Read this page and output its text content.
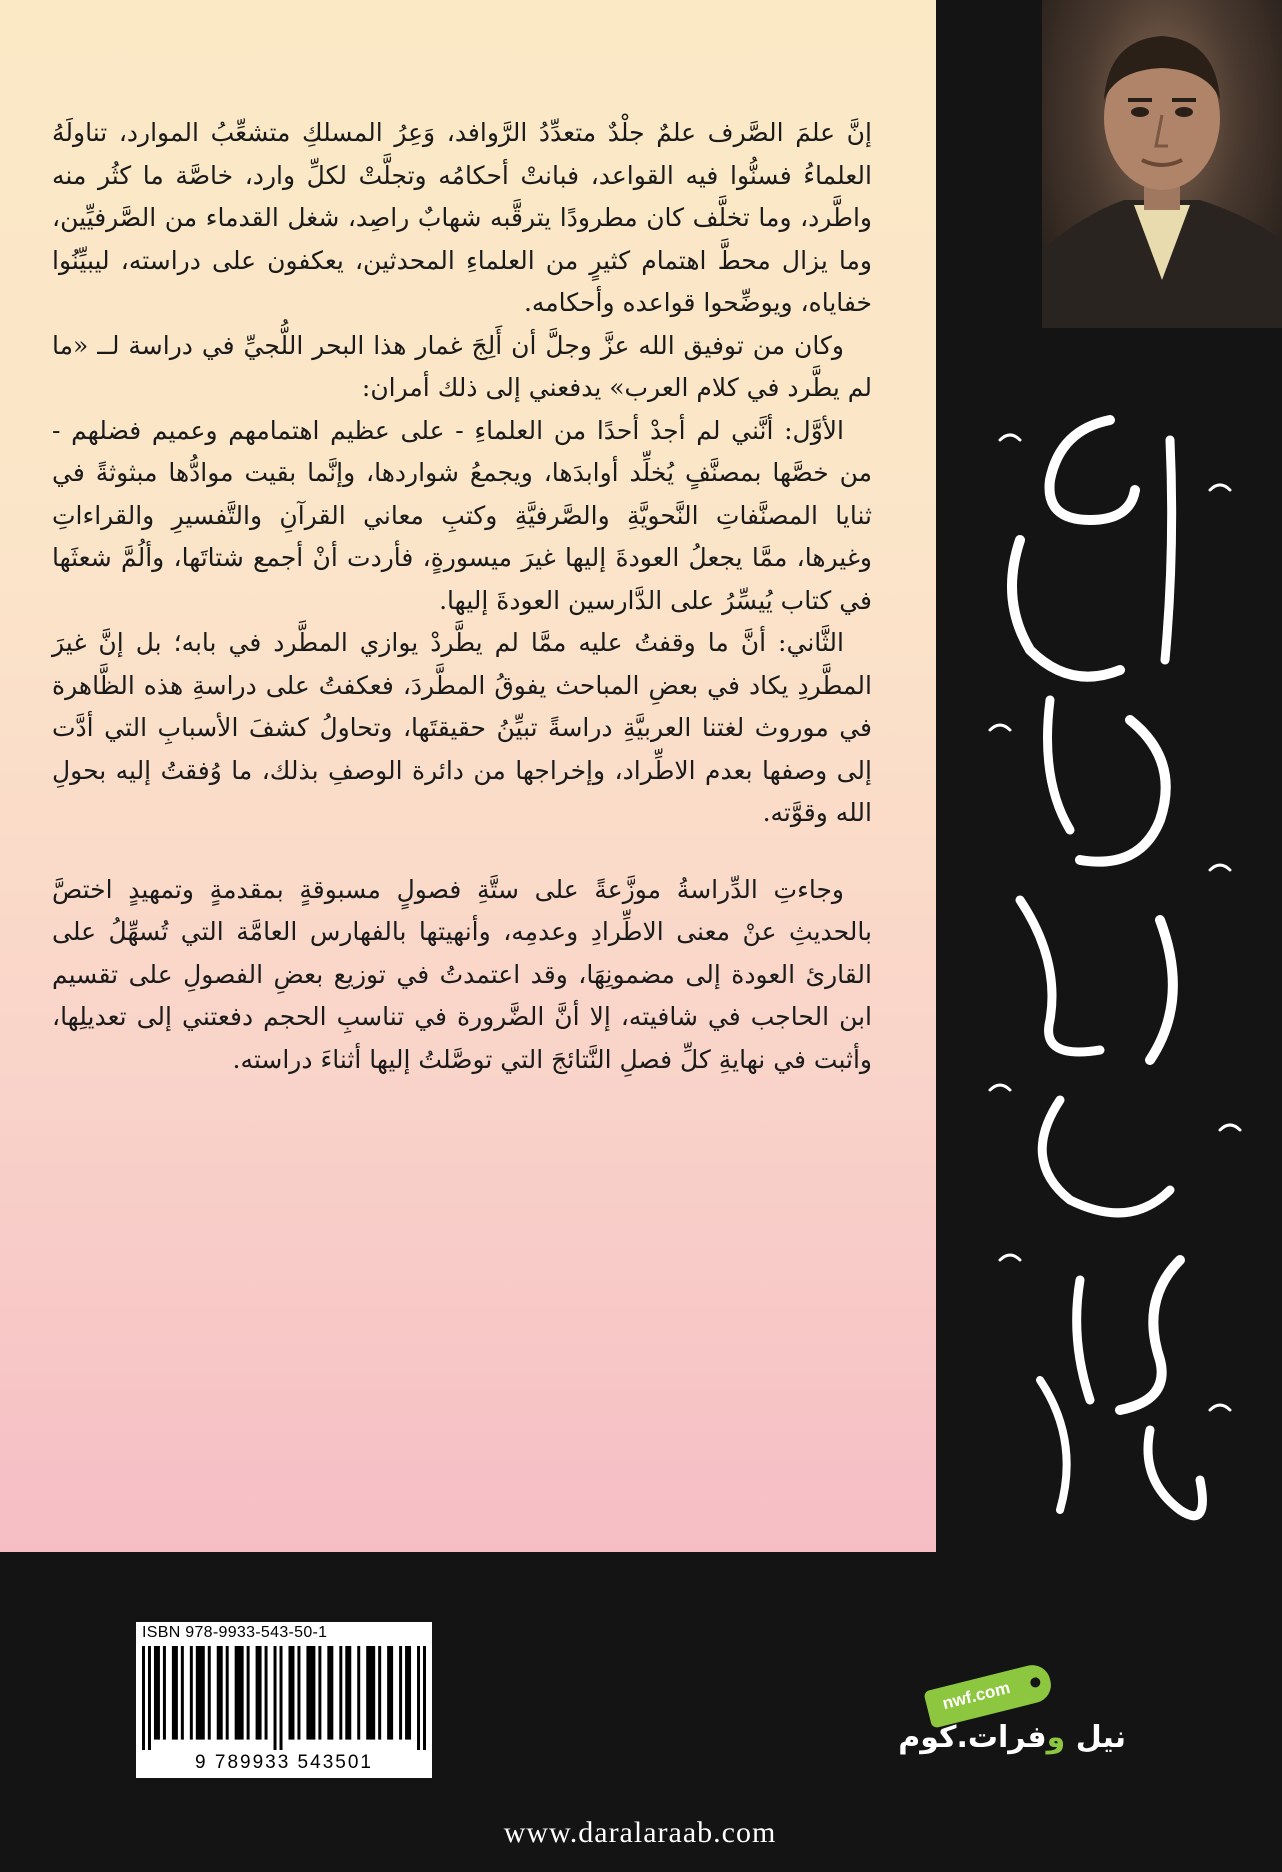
إنَّ علمَ الصَّرف علمٌ جلْدٌ متعدِّدُ الرَّوافد، وَعِرُ المسلكِ متشعِّبُ الموارد، تناولَهُ العلماءُ فسنُّوا فيه القواعد، فبانتْ أحكامُه وتجلَّتْ لكلِّ وارد، خاصَّة ما كثُر منه واطَّرد، وما تخلَّف كان مطرودًا يترقَّبه شهابٌ راصِد، شغل القدماء من الصَّرفيِّين، وما يزال محطَّ اهتمام كثيرٍ من العلماءِ المحدثين، يعكفون على دراسته، ليبيِّنُوا خفاياه، ويوضِّحوا قواعده وأحكامه.

وكان من توفيق الله عزَّ وجلَّ أن أَلِجَ غمار هذا البحر اللُّجيِّ في دراسة لــ «ما لم يطَّرد في كلام العرب» يدفعني إلى ذلك أمران:

الأوَّل: أنَّني لم أجدْ أحدًا من العلماءِ - على عظيم اهتمامهم وعميم فضلهم - من خصَّها بمصنَّفٍ يُخلِّد أوابدَها، ويجمعُ شواردها، وإنَّما بقيت موادُّها مبثوثةً في ثنايا المصنَّفاتِ النَّحويَّةِ والصَّرفيَّةِ وكتبِ معاني القرآنِ والتَّفسيرِ والقراءاتِ وغيرها، ممَّا يجعلُ العودةَ إليها غيرَ ميسورةٍ، فأردت أنْ أجمع شتاتَها، وألُمَّ شعثَها في كتاب يُيسِّرُ على الدَّارسين العودةَ إليها.

الثَّاني: أنَّ ما وقفتُ عليه ممَّا لم يطَّردْ يوازي المطَّرد في بابه؛ بل إنَّ غيرَ المطَّردِ يكاد في بعضِ المباحث يفوقُ المطَّردَ، فعكفتُ على دراسةِ هذه الظَّاهرة في موروث لغتنا العربيَّةِ دراسةً تبيِّنُ حقيقتَها، وتحاولُ كشفَ الأسبابِ التي أدَّت إلى وصفها بعدم الاطِّراد، وإخراجها من دائرة الوصفِ بذلك، ما وُفقتُ إليه بحولِ الله وقوَّته.

وجاءتِ الدِّراسةُ موزَّعةً على ستَّةِ فصولٍ مسبوقةٍ بمقدمةٍ وتمهيدٍ اختصَّ بالحديثِ عنْ معنى الاطِّرادِ وعدمِه، وأنهيتها بالفهارس العامَّة التي تُسهِّلُ على القارئ العودة إلى مضمونِهَا، وقد اعتمدتُ في توزيع بعضِ الفصولِ على تقسيم ابن الحاجب في شافيته، إلا أنَّ الضَّرورة في تناسبِ الحجم دفعتني إلى تعديلِها، وأثبت في نهايةِ كلِّ فصلِ النَّتائجَ التي توصَّلتُ إليها أثناءَ دراسته.

ISBN 978-9933-543-50-1
9 789933 543501
nwf.com
نيل وفرات.كوم
www.daralaraab.com
